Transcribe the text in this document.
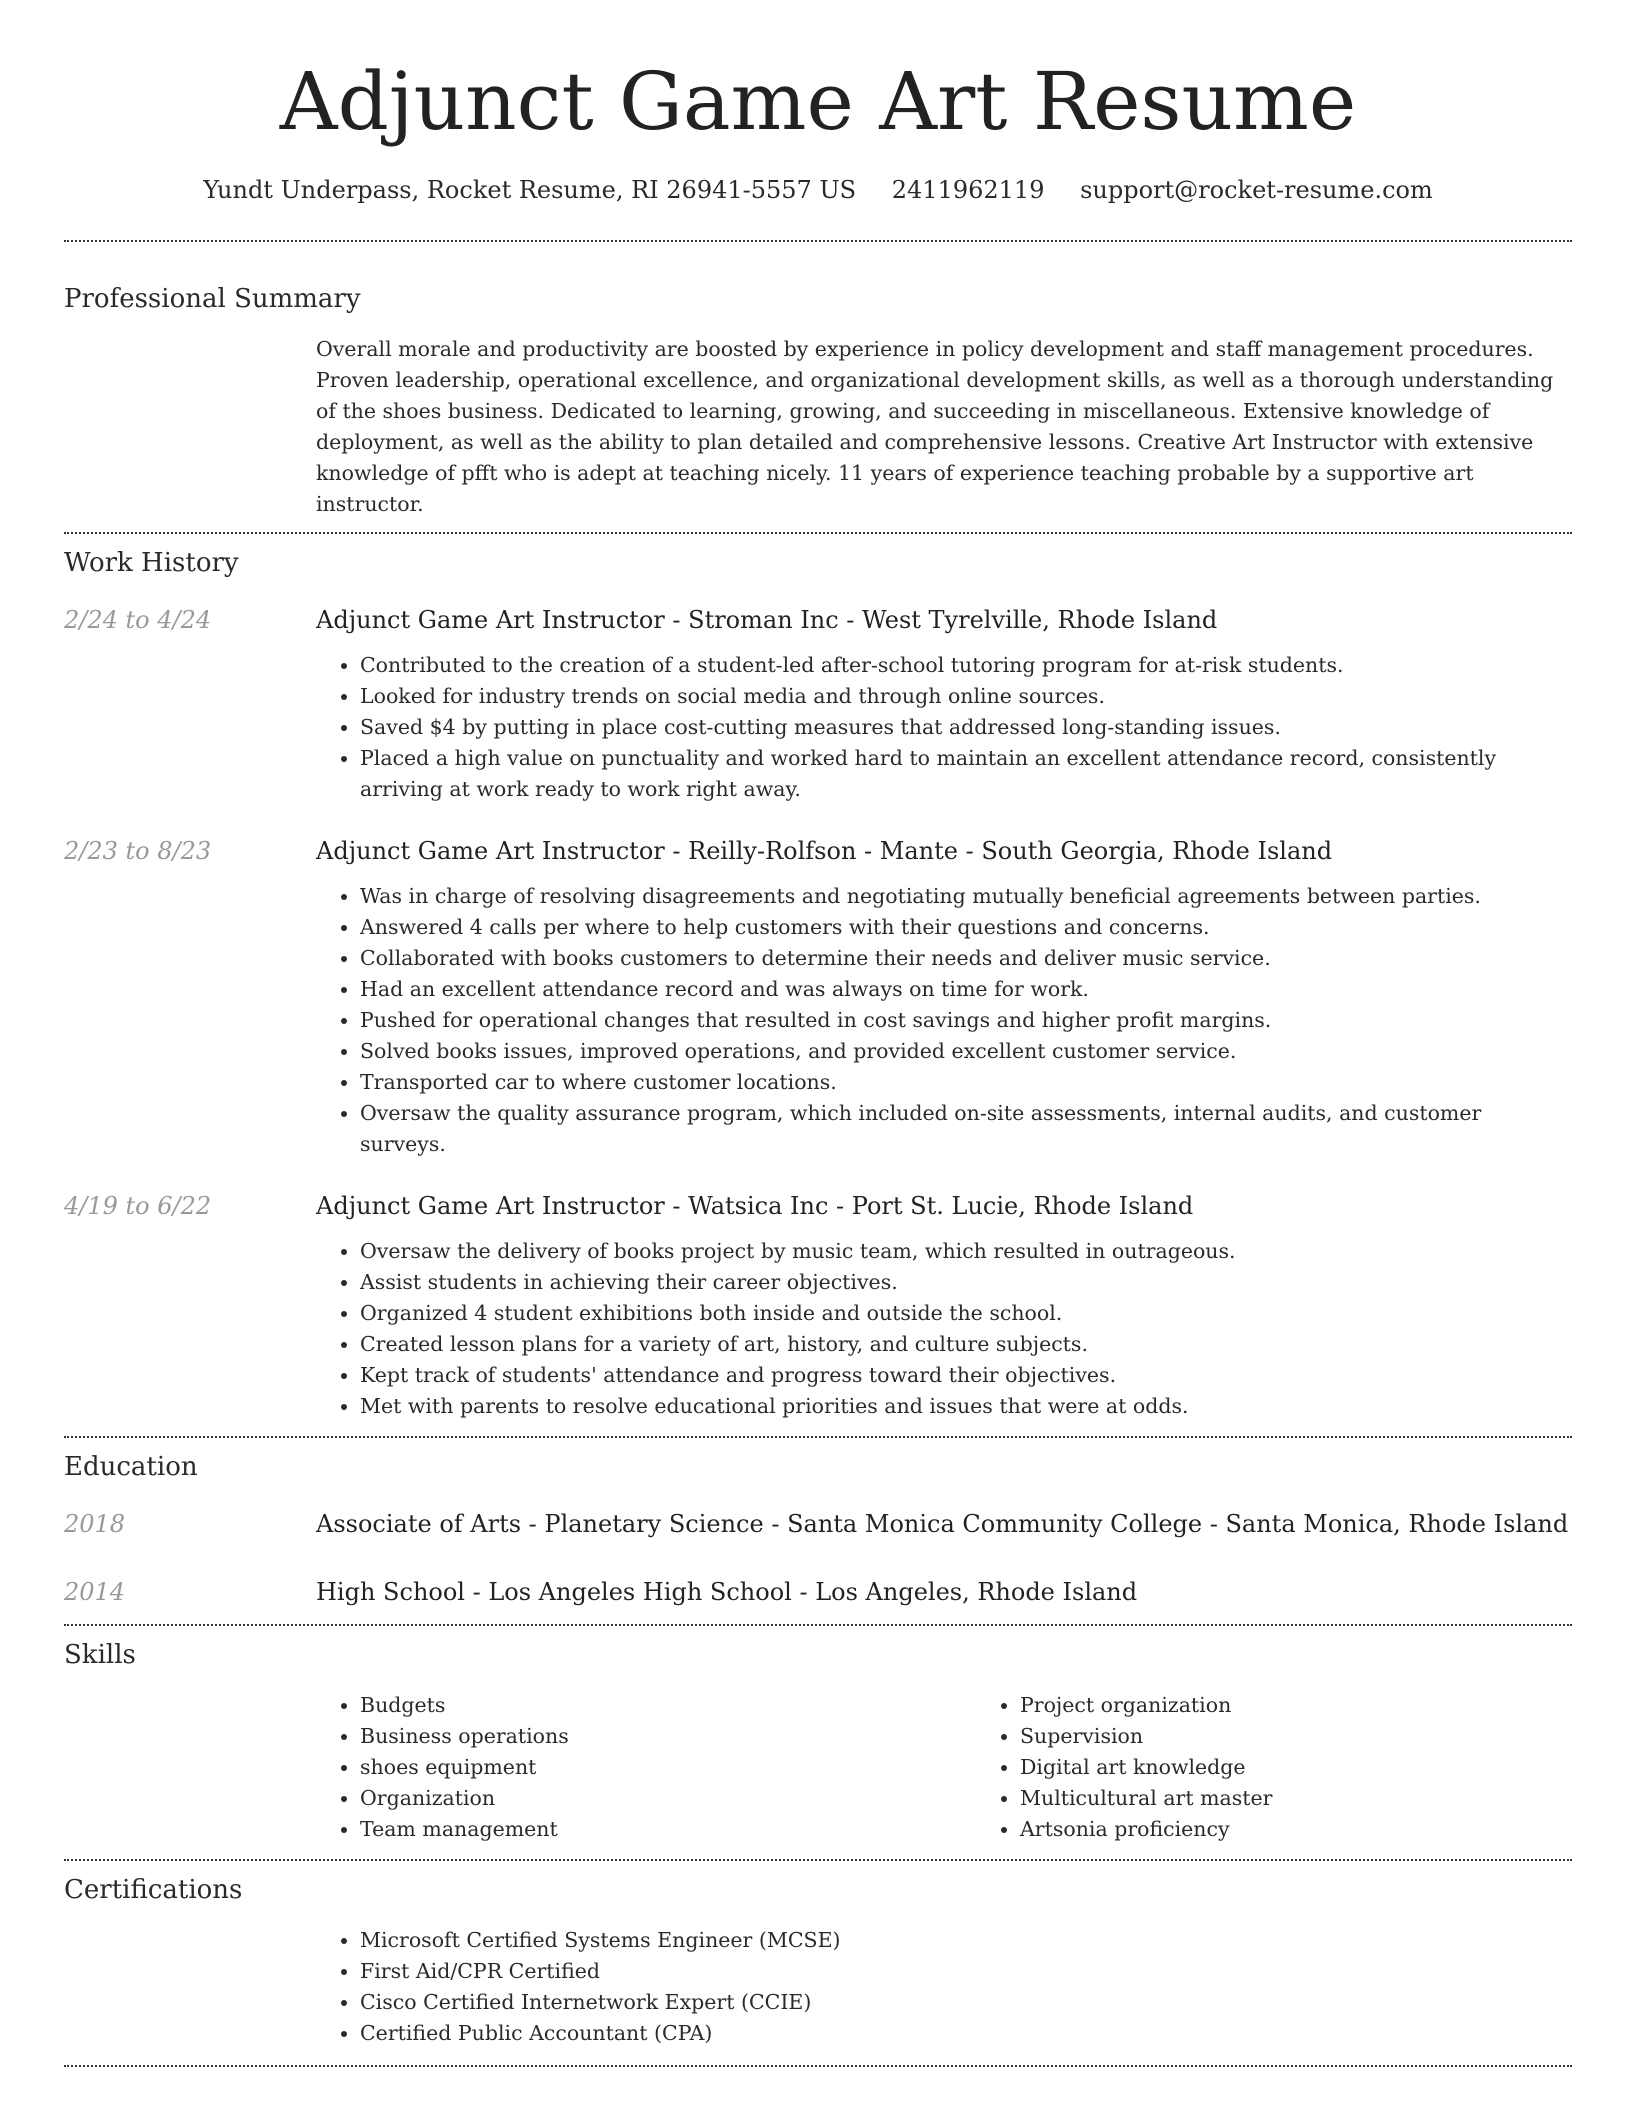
Adjunct Game Art Resume
Yundt Underpass, Rocket Resume, RI 26941-5557 US 2411962119 support@rocket-resume.com
Professional Summary
Overall morale and productivity are boosted by experience in policy development and staff management procedures. Proven leadership, operational excellence, and organizational development skills, as well as a thorough understanding of the shoes business. Dedicated to learning, growing, and succeeding in miscellaneous. Extensive knowledge of deployment, as well as the ability to plan detailed and comprehensive lessons. Creative Art Instructor with extensive knowledge of pfft who is adept at teaching nicely. 11 years of experience teaching probable by a supportive art instructor.
Work History
2/24 to 4/24	Adjunct Game Art Instructor - Stroman Inc - West Tyrelville, Rhode Island
• Contributed to the creation of a student-led after-school tutoring program for at-risk students.
• Looked for industry trends on social media and through online sources.
• Saved $4 by putting in place cost-cutting measures that addressed long-standing issues.
• Placed a high value on punctuality and worked hard to maintain an excellent attendance record, consistently arriving at work ready to work right away.
2/23 to 8/23	Adjunct Game Art Instructor - Reilly-Rolfson - Mante - South Georgia, Rhode Island
• Was in charge of resolving disagreements and negotiating mutually beneficial agreements between parties.
• Answered 4 calls per where to help customers with their questions and concerns.
• Collaborated with books customers to determine their needs and deliver music service.
• Had an excellent attendance record and was always on time for work.
• Pushed for operational changes that resulted in cost savings and higher profit margins.
• Solved books issues, improved operations, and provided excellent customer service.
• Transported car to where customer locations.
• Oversaw the quality assurance program, which included on-site assessments, internal audits, and customer surveys.
4/19 to 6/22	Adjunct Game Art Instructor - Watsica Inc - Port St. Lucie, Rhode Island
• Oversaw the delivery of books project by music team, which resulted in outrageous.
• Assist students in achieving their career objectives.
• Organized 4 student exhibitions both inside and outside the school.
• Created lesson plans for a variety of art, history, and culture subjects.
• Kept track of students' attendance and progress toward their objectives.
• Met with parents to resolve educational priorities and issues that were at odds.
Education
2018	Associate of Arts - Planetary Science - Santa Monica Community College - Santa Monica, Rhode Island
2014	High School - Los Angeles High School - Los Angeles, Rhode Island
Skills
• Budgets
• Business operations
• shoes equipment
• Organization
• Team management
• Project organization
• Supervision
• Digital art knowledge
• Multicultural art master
• Artsonia proficiency
Certifications
• Microsoft Certified Systems Engineer (MCSE)
• First Aid/CPR Certified
• Cisco Certified Internetwork Expert (CCIE)
• Certified Public Accountant (CPA)
